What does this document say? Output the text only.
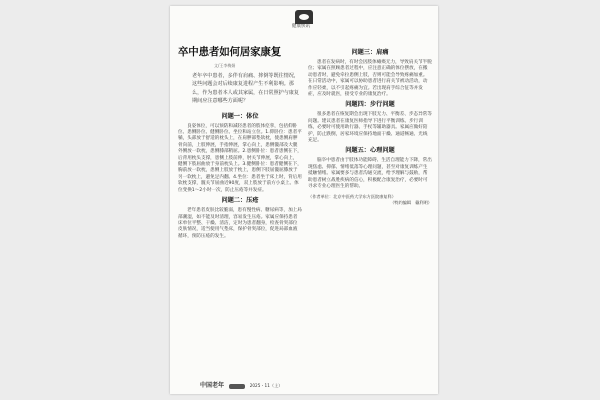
健康快讯
卒中患者如何居家康复
文/王李梅娟

老年卒中患者，多伴有肩痛、摔倒等既往情况，这些问题会对后续康复进程产生不利影响。那么，作为患者本人或其家属，在日常照护与康复期间应注意哪些方面呢？

问题一：体位

良姿体位，可以预防和减轻患者的肢体痉挛，包括仰卧位、患侧卧位、健侧卧位、坐位和站立位。1.仰卧位：患者平躺，头部放于舒适的枕头上，在肩胛部垫软枕，使患侧肩胛骨向前，上肢伸展，手指伸展，掌心向上，患侧髋部及大腿外侧放一软枕，患侧膝部稍屈。2.患侧卧位：患者患侧在下，后背用枕头支撑，患侧上肢前伸，肘关节伸展，掌心向上，健侧下肢屈曲放于身前枕头上。3.健侧卧位：患者健侧在下，胸前放一软枕，患侧上肢放于枕上，患侧下肢屈髋屈膝放于另一软枕上，避免足内翻。4.坐位：患者坐于床上时，背后用软枕支撑，髋关节屈曲近90度，双上肢放于前方小桌上。体位变换1～2小时一次，防止压疮等并发症。

问题二：压疮

老年患者皮肤比较脆弱，患有慢性病、糖尿病等，加上局部潮湿，如不能及时清理，容易发生压疮。家属应保持患者床单位平整、干燥、清洁，定时为患者翻身，检查骨突部位皮肤情况，适当使用气垫床，保护骨突部位，促进局部血液循环，预防压疮的发生。

问题三：肩痛

患者在发病时，有时会因肢体瘫痪无力，导致肩关节半脱位；家属在照顾患者过程中，应注意正确的体位摆放，在搬动患者时，避免牵拉患侧上肢，否则可能会导致疼痛加重。在日常活动中，家属可以协助患者进行肩关节被动活动，动作应轻柔，以不引起疼痛为宜。若出现肩手综合征等并发症，应及时就医，接受专业的康复治疗。

问题四：步行问题

很多患者在恢复期会出现下肢无力、平衡差、步态异常等问题。建议患者在康复医师指导下进行平衡训练、步行训练，必要时可使用助行器、手杖等辅助器具。家属应做好陪护，防止跌倒，居家环境应保持地面干燥、通道畅通、光线充足。

问题五：心理问题

脑卒中患者由于肢体功能障碍、生活自理能力下降，常出现焦虑、抑郁、情绪低落等心理问题，甚至对康复训练产生抵触情绪。家属要多与患者沟通交流，给予理解与鼓励，帮助患者树立战胜疾病的信心，积极配合康复治疗，必要时可寻求专业心理医生的帮助。

（作者单位：北京中医药大学东方医院康复科）
（特约编辑　戴利明）
中国老年	2025・11（上）
